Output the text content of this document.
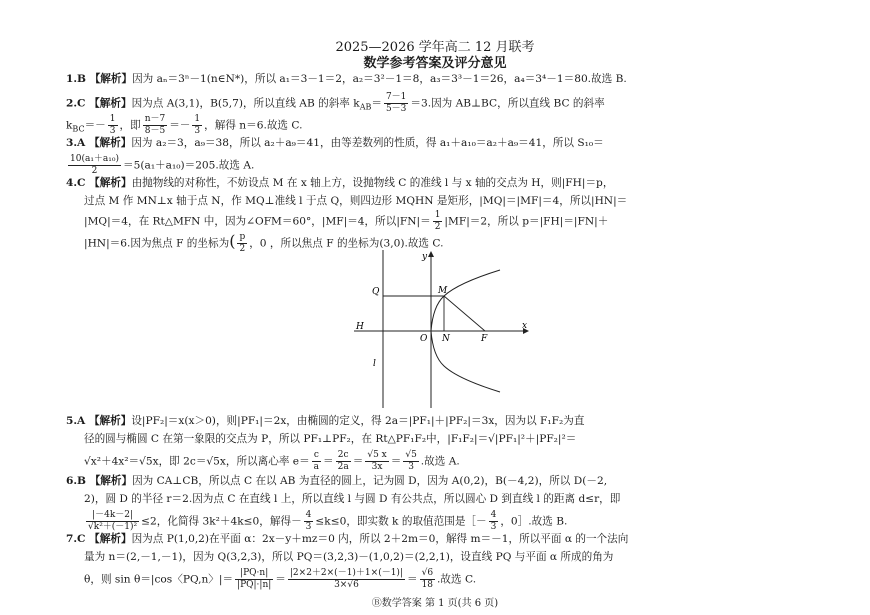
2025—2026 学年高二 12 月联考
数学参考答案及评分意见
1.B 【解析】因为 aₙ＝3ⁿ－1(n∈N*)，所以 a₁＝3－1＝2，a₂＝3²－1＝8，a₃＝3³－1＝26，a₄＝3⁴－1＝80.故选 B.
2.C 【解析】因为点 A(3,1)，B(5,7)，所以直线 AB 的斜率 $k_{AB}= \frac{7-1}{5-3} =3$.因为 AB⊥BC，所以直线 BC 的斜率
$k_{BC}=- \frac{1}{3}$ ，即 $\frac{n-7}{8-5} =- \frac{1}{3}$ ，解得 n＝6.故选 C.
3.A 【解析】因为 a₂＝3，a₉＝38，所以 a₂＋a₉＝41，由等差数列的性质，得 a₁＋a₁₀＝a₂＋a₉＝41，所以 S₁₀＝
$\frac{\text{10(a₁＋a₁₀)}}{2} =5(a_1+a_{10})=205$.故选 A.
4.C 【解析】由抛物线的对称性，不妨设点 M 在 x 轴上方，设抛物线 C 的准线 l 与 x 轴的交点为 H，则|FH|＝p，
过点 M 作 MN⊥x 轴于点 N，作 MQ⊥准线 l 于点 Q，则四边形 MQHN 是矩形，|MQ|＝|MF|＝4，所以|HN|＝
|MQ|＝4，在 Rt△MFN 中，因为∠OFM＝60°，|MF|＝4，所以$|FN|= \frac{1}{2} |MF|=2$，所以 p＝|FH|＝|FN|＋
|HN|＝6.因为焦点 F 的坐标为( $\frac{p}{2}$ ，0 ，所以焦点 F 的坐标为(3,0).故选 C.
y
Q	M
H
O N	F
x
l
5.A 【解析】设|PF₂|＝x(x＞0)，则|PF₁|＝2x，由椭圆的定义，得 2a＝|PF₁|＋|PF₂|＝3x，因为以 F₁F₂为直
径的圆与椭圆 C 在第一象限的交点为 P，所以 PF₁⊥PF₂，在 Rt△PF₁F₂中，|F₁F₂|＝√|PF₁|²＋|PF₂|²＝
√x²＋4x²＝√5x，即 2c＝√5x，所以离心率 $e= \frac{c}{a} = \frac{2c}{2a} = \frac{√5 x}{3x} = \frac{√5}{3}$ .故选 A.
6.B 【解析】因为 CA⊥CB，所以点 C 在以 AB 为直径的圆上，记为圆 D，因为 A(0,2)，B(－4,2)，所以 D(－2,
2)，圆 D 的半径 r＝2.因为点 C 在直线 l 上，所以直线 l 与圆 D 有公共点，所以圆心 D 到直线 l 的距离 d≤r，即
$\frac{|-4k-2|}{\text{√k²＋(－1)²}} \le 2$，化简得 3k²＋4k≤0，解得－ $\frac{4}{3} \le k\le 0$，即实数 k 的取值范围是［－ $\frac{4}{3}$ ，0］.故选 B.
7.C 【解析】因为点 P(1,0,2)在平面 α：2x－y＋mz＝0 内，所以 2＋2m＝0，解得 m＝－1，所以平面 α 的一个法向
量为 n＝(2,－1,－1)，因为 Q(3,2,3)，所以 PQ＝(3,2,3)－(1,0,2)＝(2,2,1)，设直线 PQ 与平面 α 所成的角为
θ，则 sin θ＝|cos〈PQ,n〉|＝ $\frac{|PQ\cdot n|}{|PQ|\cdot|n|} = \frac{|2\times 2+2\times(-1)+1\times(-1)|}{3\times√6} = \frac{√6}{18}$ .故选 C.
Ⓑ数学答案 第 1 页(共 6 页)
